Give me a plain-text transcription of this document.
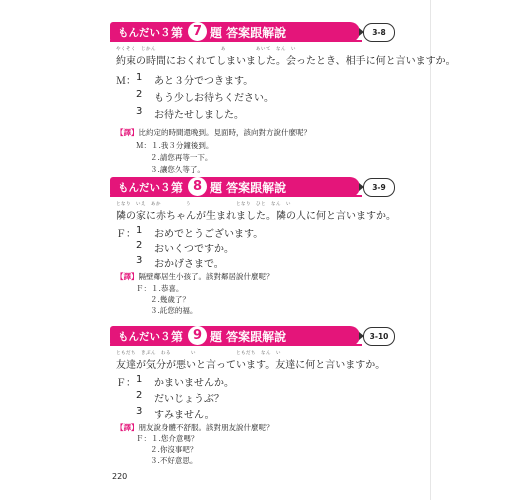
もんだい３ 第 7 題 答案跟解說	3-8
やくそく　じかん　　　　　　　　　　　　　あ　　　　　　あいて　なん　い
約束の時間におくれてしまいました。会ったとき、相手に何と言いますか。
Ｍ： 1 あと３分でつきます。
2 もう少しお待ちください。
3 お待たせしました。
【譯】比約定的時間還晚到。見面時，該向對方說什麼呢？
Ｍ：１.我３分鐘後到。
２.請您再等一下。
３.讓您久等了。
もんだい３ 第 8 題 答案跟解說	3-9
となり　いえ　あか　　　　　う　　　　　　　　　となり　ひと　なん　い
隣の家に赤ちゃんが生まれました。隣の人に何と言いますか。
Ｆ： 1 おめでとうございます。
2 おいくつですか。
3 おかげさまで。
【譯】隔壁鄰居生小孩了。該對鄰居說什麼呢？
Ｆ：１.恭喜。
２.幾歲了？
３.託您的福。
もんだい３ 第 9 題 答案跟解說	3-10
ともだち　きぶん　わる　　　　い　　　　　　　　ともだち　なん　い
友達が気分が悪いと言っています。友達に何と言いますか。
Ｆ： 1 かまいませんか。
2 だいじょうぶ？
3 すみません。
【譯】朋友說身體不舒服。該對朋友說什麼呢？
Ｆ：１.您介意嗎？
２.你沒事吧？
３.不好意思。
220
